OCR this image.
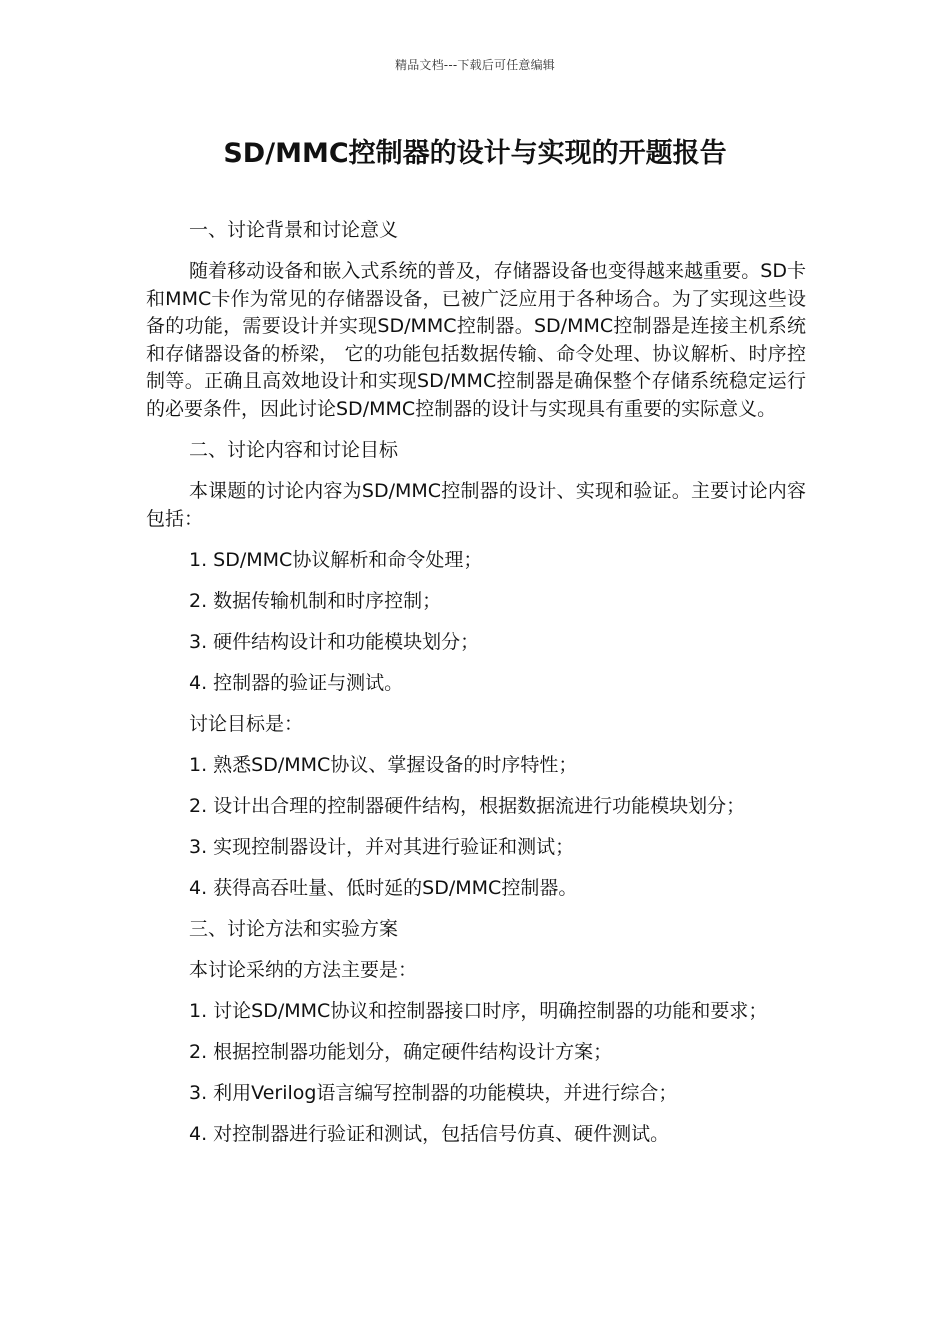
精品文档---下载后可任意编辑
SD/MMC控制器的设计与实现的开题报告

一、讨论背景和讨论意义

随着移动设备和嵌入式系统的普及，存储器设备也变得越来越重要。SD卡和MMC卡作为常见的存储器设备，已被广泛应用于各种场合。为了实现这些设备的功能，需要设计并实现SD/MMC控制器。SD/MMC控制器是连接主机系统和存储器设备的桥梁， 它的功能包括数据传输、命令处理、协议解析、时序控制等。正确且高效地设计和实现SD/MMC控制器是确保整个存储系统稳定运行的必要条件，因此讨论SD/MMC控制器的设计与实现具有重要的实际意义。

二、讨论内容和讨论目标

本课题的讨论内容为SD/MMC控制器的设计、实现和验证。主要讨论内容包括：

1. SD/MMC协议解析和命令处理；

2. 数据传输机制和时序控制；

3. 硬件结构设计和功能模块划分；

4. 控制器的验证与测试。

讨论目标是：

1. 熟悉SD/MMC协议、掌握设备的时序特性；

2. 设计出合理的控制器硬件结构，根据数据流进行功能模块划分；

3. 实现控制器设计，并对其进行验证和测试；

4. 获得高吞吐量、低时延的SD/MMC控制器。

三、讨论方法和实验方案

本讨论采纳的方法主要是：

1. 讨论SD/MMC协议和控制器接口时序，明确控制器的功能和要求；

2. 根据控制器功能划分，确定硬件结构设计方案；

3. 利用Verilog语言编写控制器的功能模块，并进行综合；

4. 对控制器进行验证和测试，包括信号仿真、硬件测试。
